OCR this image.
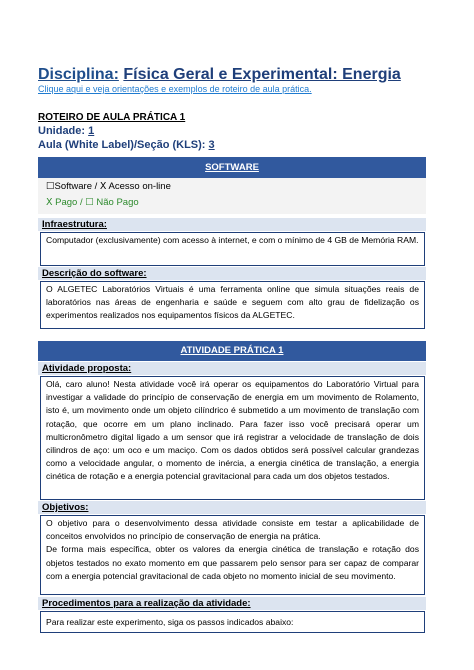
Disciplina: Física Geral e Experimental: Energia
Clique aqui e veja orientações e exemplos de roteiro de aula prática.
ROTEIRO DE AULA PRÁTICA 1
Unidade: 1
Aula (White Label)/Seção (KLS): 3
SOFTWARE
☐Software / Ⅹ Acesso on-line
Ⅹ Pago / ☐ Não Pago
Infraestrutura:

Computador (exclusivamente) com acesso à internet, e com o mínimo de 4 GB de Memória RAM.

Descrição do software:

O ALGETEC Laboratórios Virtuais é uma ferramenta online que simula situações reais de laboratórios nas áreas de engenharia e saúde e seguem com alto grau de fidelização os experimentos realizados nos equipamentos físicos da ALGETEC.

ATIVIDADE PRÁTICA 1
Atividade proposta:

Olá, caro aluno! Nesta atividade você irá operar os equipamentos do Laboratório Virtual para investigar a validade do princípio de conservação de energia em um movimento de Rolamento, isto é, um movimento onde um objeto cilíndrico é submetido a um movimento de translação com rotação, que ocorre em um plano inclinado. Para fazer isso você precisará operar um multicronômetro digital ligado a um sensor que irá registrar a velocidade de translação de dois cilindros de aço: um oco e um maciço. Com os dados obtidos será possível calcular grandezas como a velocidade angular, o momento de inércia, a energia cinética de translação, a energia cinética de rotação e a energia potencial gravitacional para cada um dos objetos testados.

Objetivos:

O objetivo para o desenvolvimento dessa atividade consiste em testar a aplicabilidade de conceitos envolvidos no princípio de conservação de energia na prática.

De forma mais específica, obter os valores da energia cinética de translação e rotação dos objetos testados no exato momento em que passarem pelo sensor para ser capaz de comparar com a energia potencial gravitacional de cada objeto no momento inicial de seu movimento.

Procedimentos para a realização da atividade:

Para realizar este experimento, siga os passos indicados abaixo:
